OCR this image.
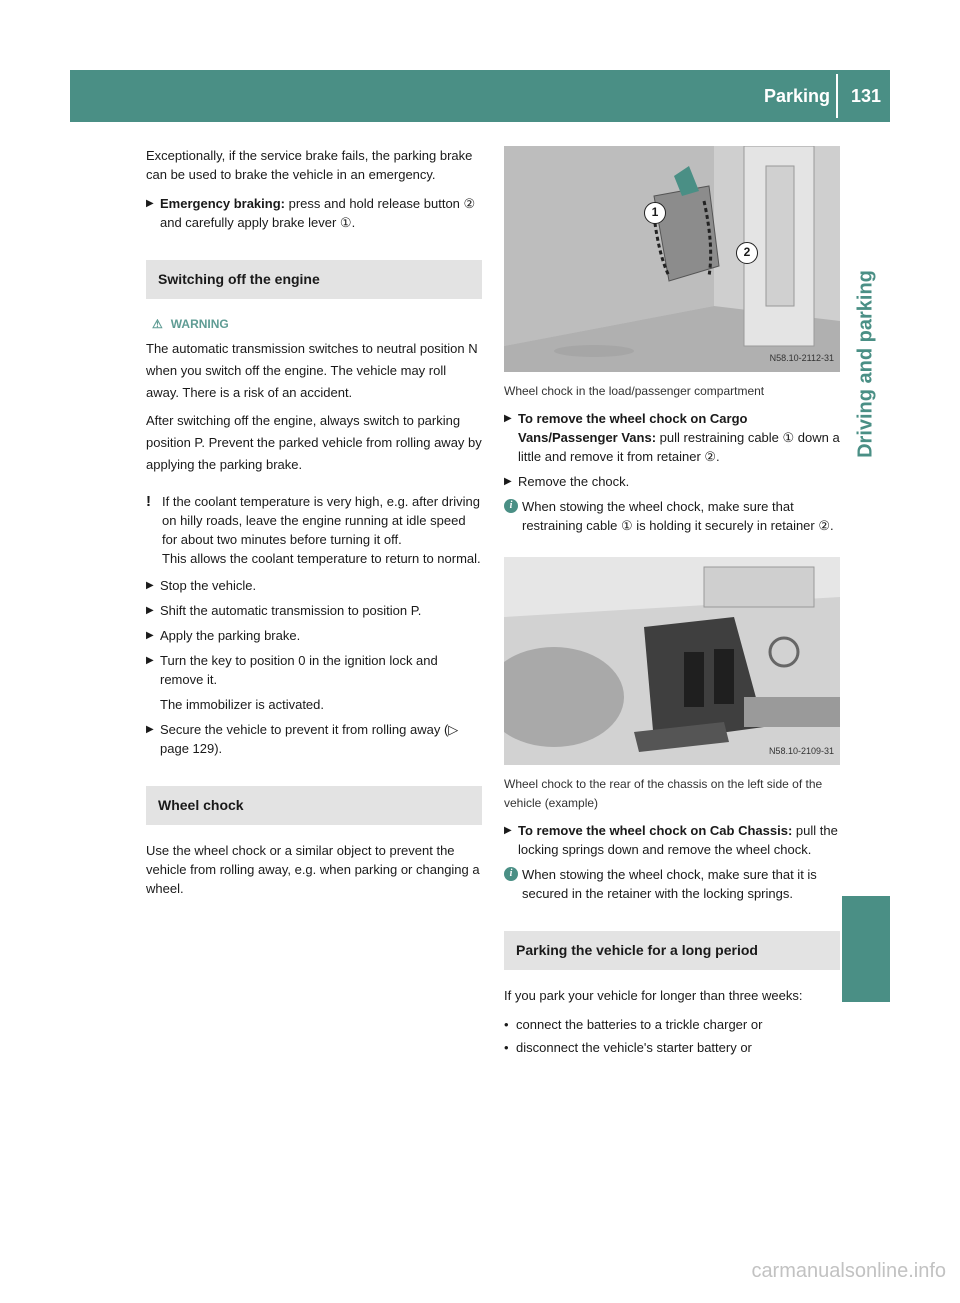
Parking	131
Driving and parking

Exceptionally, if the service brake fails, the parking brake can be used to brake the vehicle in an emergency.

▶ Emergency braking: press and hold release button ② and carefully apply brake lever ①.
Switching off the engine
⚠ WARNING

The automatic transmission switches to neutral position N when you switch off the engine. The vehicle may roll away. There is a risk of an accident.

After switching off the engine, always switch to parking position P. Prevent the parked vehicle from rolling away by applying the parking brake.

! If the coolant temperature is very high, e.g. after driving on hilly roads, leave the engine running at idle speed for about two minutes before turning it off.
This allows the coolant temperature to return to normal.
▶ Stop the vehicle.
▶ Shift the automatic transmission to position P.
▶ Apply the parking brake.
▶ Turn the key to position 0 in the ignition lock and remove it.
The immobilizer is activated.
▶ Secure the vehicle to prevent it from rolling away (▷ page 129).
Wheel chock

Use the wheel chock or a similar object to prevent the vehicle from rolling away, e.g. when parking or changing a wheel.

1
2
N58.10-2112-31
Wheel chock in the load/passenger compartment
▶ To remove the wheel chock on Cargo Vans/Passenger Vans: pull restraining cable ① down a little and remove it from retainer ②.
▶ Remove the chock.
i When stowing the wheel chock, make sure that restraining cable ① is holding it securely in retainer ②.
N58.10-2109-31
Wheel chock to the rear of the chassis on the left side of the vehicle (example)
▶ To remove the wheel chock on Cab Chassis: pull the locking springs down and remove the wheel chock.
i When stowing the wheel chock, make sure that it is secured in the retainer with the locking springs.
Parking the vehicle for a long period

If you park your vehicle for longer than three weeks:

• connect the batteries to a trickle charger or
• disconnect the vehicle's starter battery or
carmanualsonline.info
